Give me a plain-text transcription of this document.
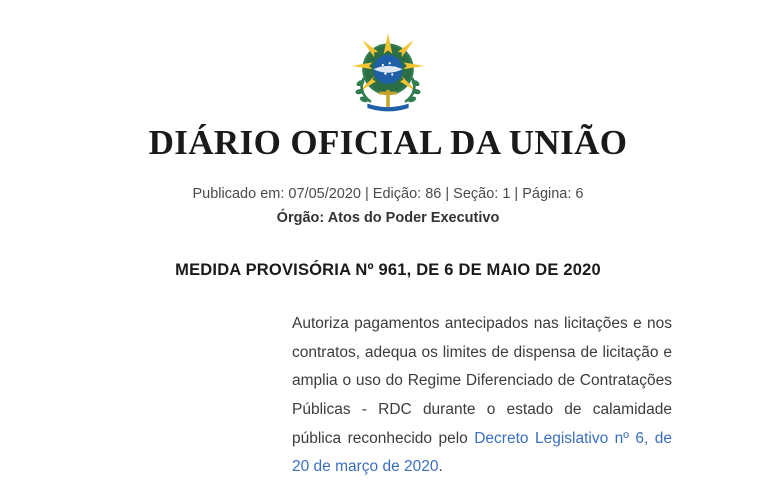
DIÁRIO OFICIAL DA UNIÃO
Publicado em: 07/05/2020 | Edição: 86 | Seção: 1 | Página: 6
Órgão: Atos do Poder Executivo
MEDIDA PROVISÓRIA Nº 961, DE 6 DE MAIO DE 2020

Autoriza pagamentos antecipados nas licitações e nos contratos, adequa os limites de dispensa de licitação e amplia o uso do Regime Diferenciado de Contratações Públicas - RDC durante o estado de calamidade pública reconhecido pelo Decreto Legislativo nº 6, de 20 de março de 2020.
